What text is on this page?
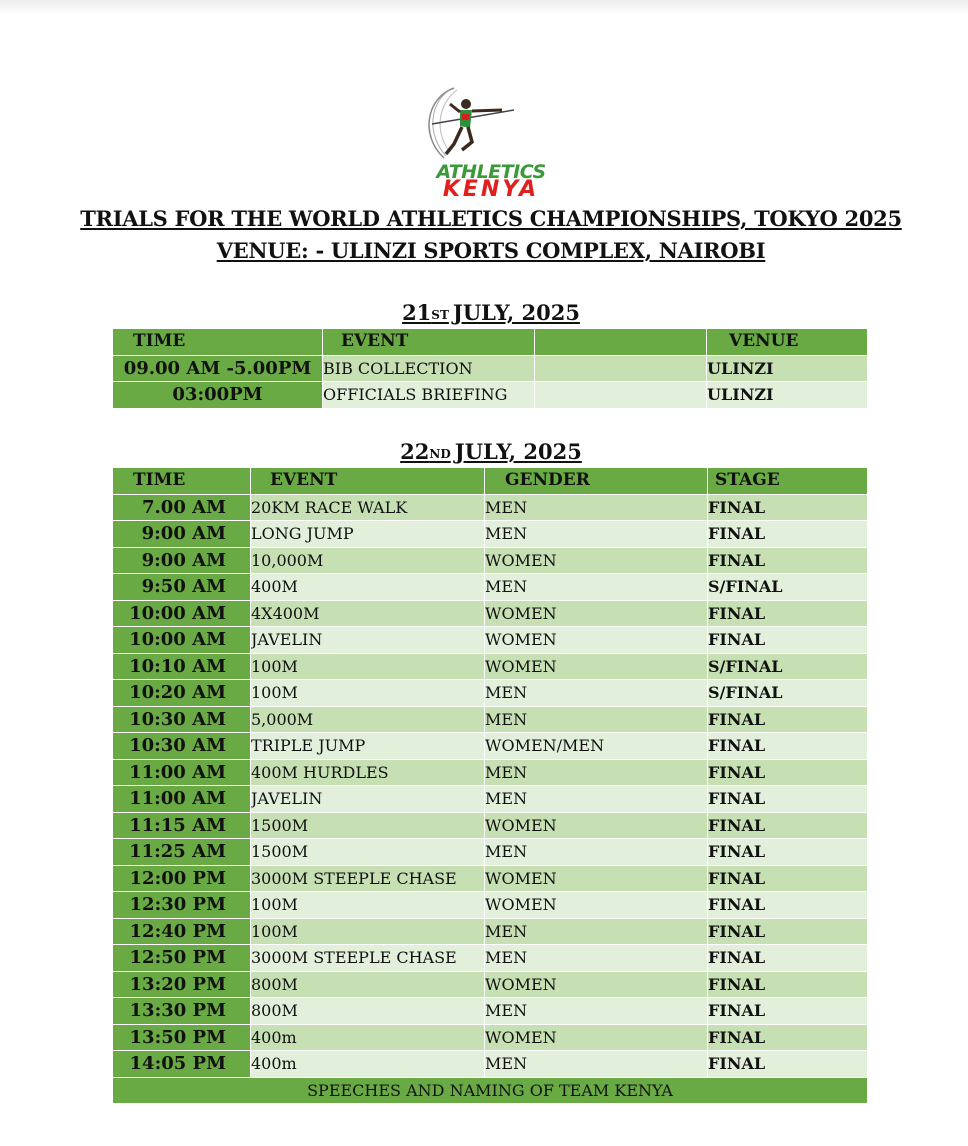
ATHLETICS
KENYA
TRIALS FOR THE WORLD ATHLETICS CHAMPIONSHIPS, TOKYO 2025
VENUE: - ULINZI SPORTS COMPLEX, NAIROBI
21ST JULY, 2025
TIME	EVENT		VENUE
09.00 AM -5.00PM	BIB COLLECTION		ULINZI
03:00PM	OFFICIALS BRIEFING		ULINZI
22ND JULY, 2025
TIME	EVENT	GENDER	STAGE
7.00 AM	20KM RACE WALK	MEN	FINAL
9:00 AM	LONG JUMP	MEN	FINAL
9:00 AM	10,000M	WOMEN	FINAL
9:50 AM	400M	MEN	S/FINAL
10:00 AM	4X400M	WOMEN	FINAL
10:00 AM	JAVELIN	WOMEN	FINAL
10:10 AM	100M	WOMEN	S/FINAL
10:20 AM	100M	MEN	S/FINAL
10:30 AM	5,000M	MEN	FINAL
10:30 AM	TRIPLE JUMP	WOMEN/MEN	FINAL
11:00 AM	400M HURDLES	MEN	FINAL
11:00 AM	JAVELIN	MEN	FINAL
11:15 AM	1500M	WOMEN	FINAL
11:25 AM	1500M	MEN	FINAL
12:00 PM	3000M STEEPLE CHASE	WOMEN	FINAL
12:30 PM	100M	WOMEN	FINAL
12:40 PM	100M	MEN	FINAL
12:50 PM	3000M STEEPLE CHASE	MEN	FINAL
13:20 PM	800M	WOMEN	FINAL
13:30 PM	800M	MEN	FINAL
13:50 PM	400m	WOMEN	FINAL
14:05 PM	400m	MEN	FINAL
SPEECHES AND NAMING OF TEAM KENYA			
